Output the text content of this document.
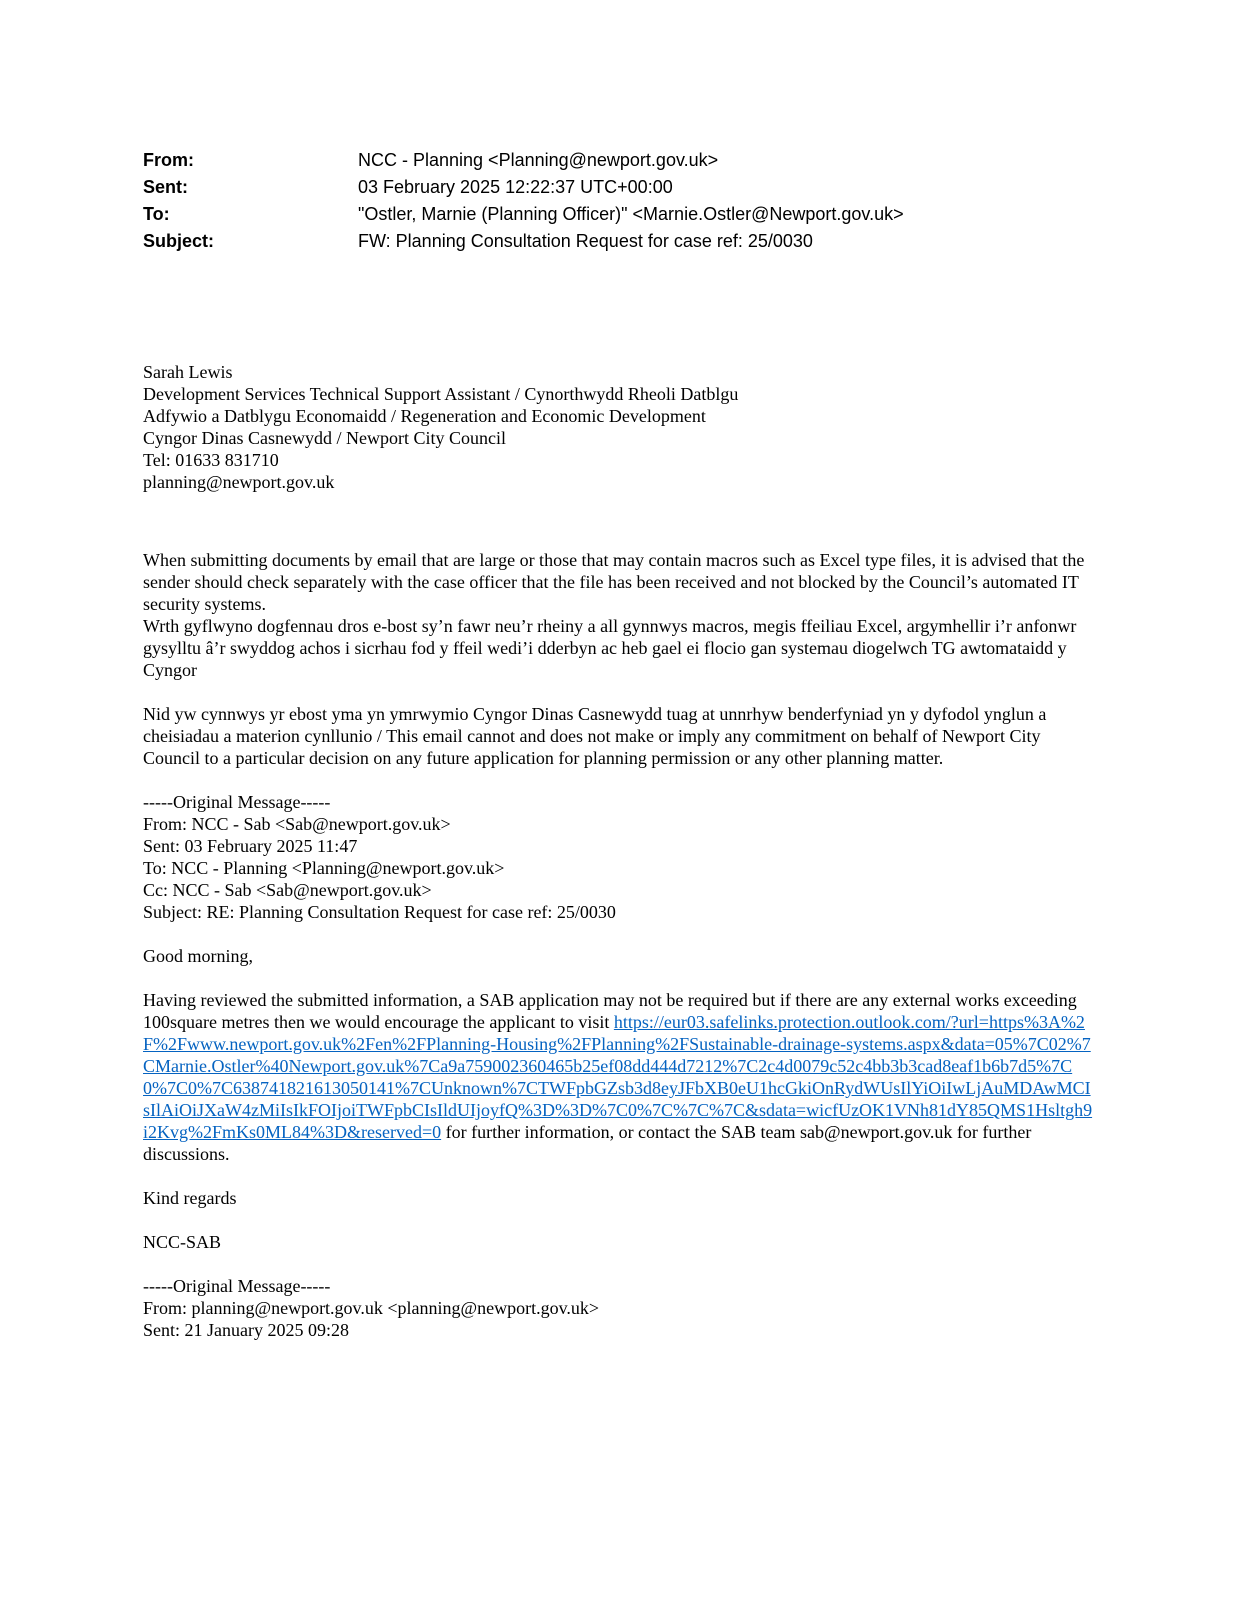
From:	NCC - Planning <Planning@newport.gov.uk>
Sent:	03 February 2025 12:22:37 UTC+00:00
To:	"Ostler, Marnie (Planning Officer)" <Marnie.Ostler@Newport.gov.uk>
Subject:	FW: Planning Consultation Request for case ref: 25/0030
Sarah Lewis
Development Services Technical Support Assistant / Cynorthwydd Rheoli Datblgu
Adfywio a Datblygu Economaidd / Regeneration and Economic Development
Cyngor Dinas Casnewydd / Newport City Council
Tel: 01633 831710
planning@newport.gov.uk

When submitting documents by email that are large or those that may contain macros such as Excel type files, it is advised that the sender should check separately with the case officer that the file has been received and not blocked by the Council’s automated IT security systems.

Wrth gyflwyno dogfennau dros e-bost sy’n fawr neu’r rheiny a all gynnwys macros, megis ffeiliau Excel, argymhellir i’r anfonwr gysylltu â’r swyddog achos i sicrhau fod y ffeil wedi’i dderbyn ac heb gael ei flocio gan systemau diogelwch TG awtomataidd y Cyngor

Nid yw cynnwys yr ebost yma yn ymrwymio Cyngor Dinas Casnewydd tuag at unnrhyw benderfyniad yn y dyfodol ynglun a cheisiadau a materion cynllunio / This email cannot and does not make or imply any commitment on behalf of Newport City Council to a particular decision on any future application for planning permission or any other planning matter.

-----Original Message-----
From: NCC - Sab <Sab@newport.gov.uk>
Sent: 03 February 2025 11:47
To: NCC - Planning <Planning@newport.gov.uk>
Cc: NCC - Sab <Sab@newport.gov.uk>
Subject: RE: Planning Consultation Request for case ref: 25/0030

Good morning,

Having reviewed the submitted information, a SAB application may not be required but if there are any external works exceeding 100square metres then we would encourage the applicant to visit https://eur03.safelinks.protection.outlook.com/?url=https%3A%2F%2Fwww.newport.gov.uk%2Fen%2FPlanning-Housing%2FPlanning%2FSustainable-drainage-systems.aspx&data=05%7C02%7CMarnie.Ostler%40Newport.gov.uk%7Ca9a759002360465b25ef08dd444d7212%7C2c4d0079c52c4bb3b3cad8eaf1b6b7d5%7C0%7C0%7C638741821613050141%7CUnknown%7CTWFpbGZsb3d8eyJFbXB0eU1hcGkiOnRydWUsIlYiOiIwLjAuMDAwMCIsIlAiOiJXaW4zMiIsIkFOIjoiTWFpbCIsIldUIjoyfQ%3D%3D%7C0%7C%7C%7C&sdata=wicfUzOK1VNh81dY85QMS1Hsltgh9i2Kvg%2FmKs0ML84%3D&reserved=0 for further information, or contact the SAB team sab@newport.gov.uk for further discussions.

Kind regards

NCC-SAB

-----Original Message-----
From: planning@newport.gov.uk <planning@newport.gov.uk>
Sent: 21 January 2025 09:28
